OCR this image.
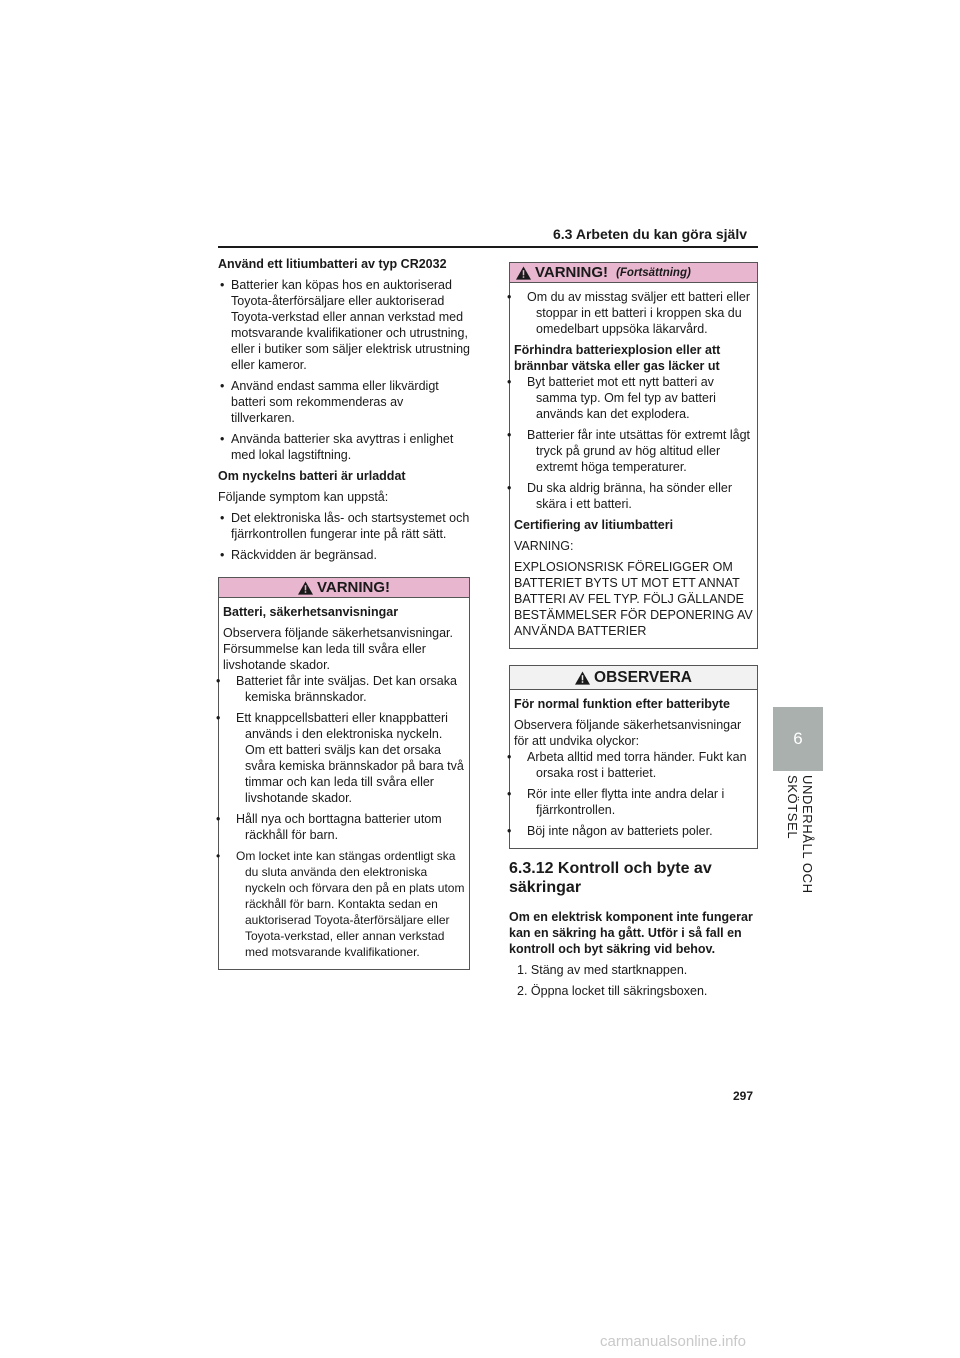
6.3 Arbeten du kan göra själv
Använd ett litiumbatteri av typ CR2032
• Batterier kan köpas hos en auktoriserad Toyota-återförsäljare eller auktoriserad Toyota-verkstad eller annan verkstad med motsvarande kvalifikationer och utrustning, eller i butiker som säljer elektrisk utrustning eller kameror.
• Använd endast samma eller likvärdigt batteri som rekommenderas av tillverkaren.
• Använda batterier ska avyttras i enlighet med lokal lagstiftning.
Om nyckelns batteri är urladdat
Följande symptom kan uppstå:
• Det elektroniska lås- och startsystemet och fjärrkontrollen fungerar inte på rätt sätt.
• Räckvidden är begränsad.
VARNING!
Batteri, säkerhetsanvisningar
Observera följande säkerhetsanvisningar. Försummelse kan leda till svåra eller livshotande skador.
• Batteriet får inte sväljas. Det kan orsaka kemiska brännskador.
• Ett knappcellsbatteri eller knappbatteri används i den elektroniska nyckeln. Om ett batteri sväljs kan det orsaka svåra kemiska brännskador på bara två timmar och kan leda till svåra eller livshotande skador.
• Håll nya och borttagna batterier utom räckhåll för barn.
• Om locket inte kan stängas ordentligt ska du sluta använda den elektroniska nyckeln och förvara den på en plats utom räckhåll för barn. Kontakta sedan en auktoriserad Toyota-återförsäljare eller Toyota-verkstad, eller annan verkstad med motsvarande kvalifikationer.
VARNING! (Fortsättning)
• Om du av misstag sväljer ett batteri eller stoppar in ett batteri i kroppen ska du omedelbart uppsöka läkarvård.
Förhindra batteriexplosion eller att brännbar vätska eller gas läcker ut
• Byt batteriet mot ett nytt batteri av samma typ. Om fel typ av batteri används kan det explodera.
• Batterier får inte utsättas för extremt lågt tryck på grund av hög altitud eller extremt höga temperaturer.
• Du ska aldrig bränna, ha sönder eller skära i ett batteri.
Certifiering av litiumbatteri
VARNING:
EXPLOSIONSRISK FÖRELIGGER OM BATTERIET BYTS UT MOT ETT ANNAT BATTERI AV FEL TYP. FÖLJ GÄLLANDE BESTÄMMELSER FÖR DEPONERING AV ANVÄNDA BATTERIER
OBSERVERA
För normal funktion efter batteribyte
Observera följande säkerhetsanvisningar för att undvika olyckor:
• Arbeta alltid med torra händer. Fukt kan orsaka rost i batteriet.
• Rör inte eller flytta inte andra delar i fjärrkontrollen.
• Böj inte någon av batteriets poler.
6.3.12 Kontroll och byte av säkringar
Om en elektrisk komponent inte fungerar kan en säkring ha gått. Utför i så fall en kontroll och byt säkring vid behov.
1. Stäng av med startknappen.
2. Öppna locket till säkringsboxen.
6
UNDERHÅLL OCH SKÖTSEL
297
carmanualsonline.info
